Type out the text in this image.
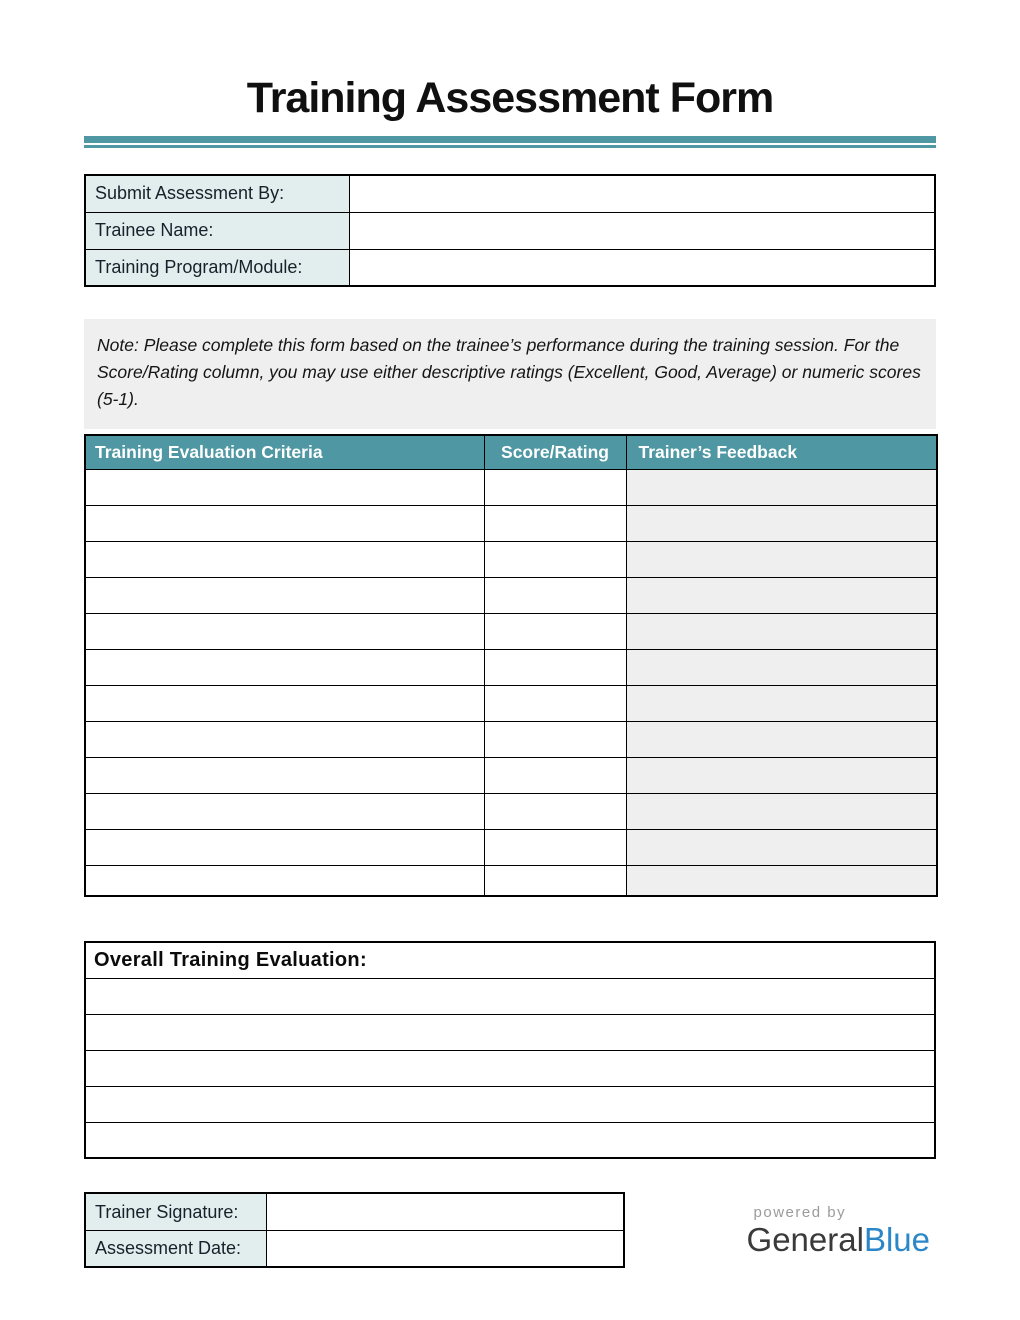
Training Assessment Form
Submit Assessment By:	
Trainee Name:	
Training Program/Module:	
Note: Please complete this form based on the trainee’s performance during the training session. For the Score/Rating column, you may use either descriptive ratings (Excellent, Good, Average) or numeric scores (5-1).
Training Evaluation Criteria	Score/Rating	Trainer’s Feedback

Overall Training Evaluation:

Trainer Signature:	
Assessment Date:	
powered by
GeneralBlue
